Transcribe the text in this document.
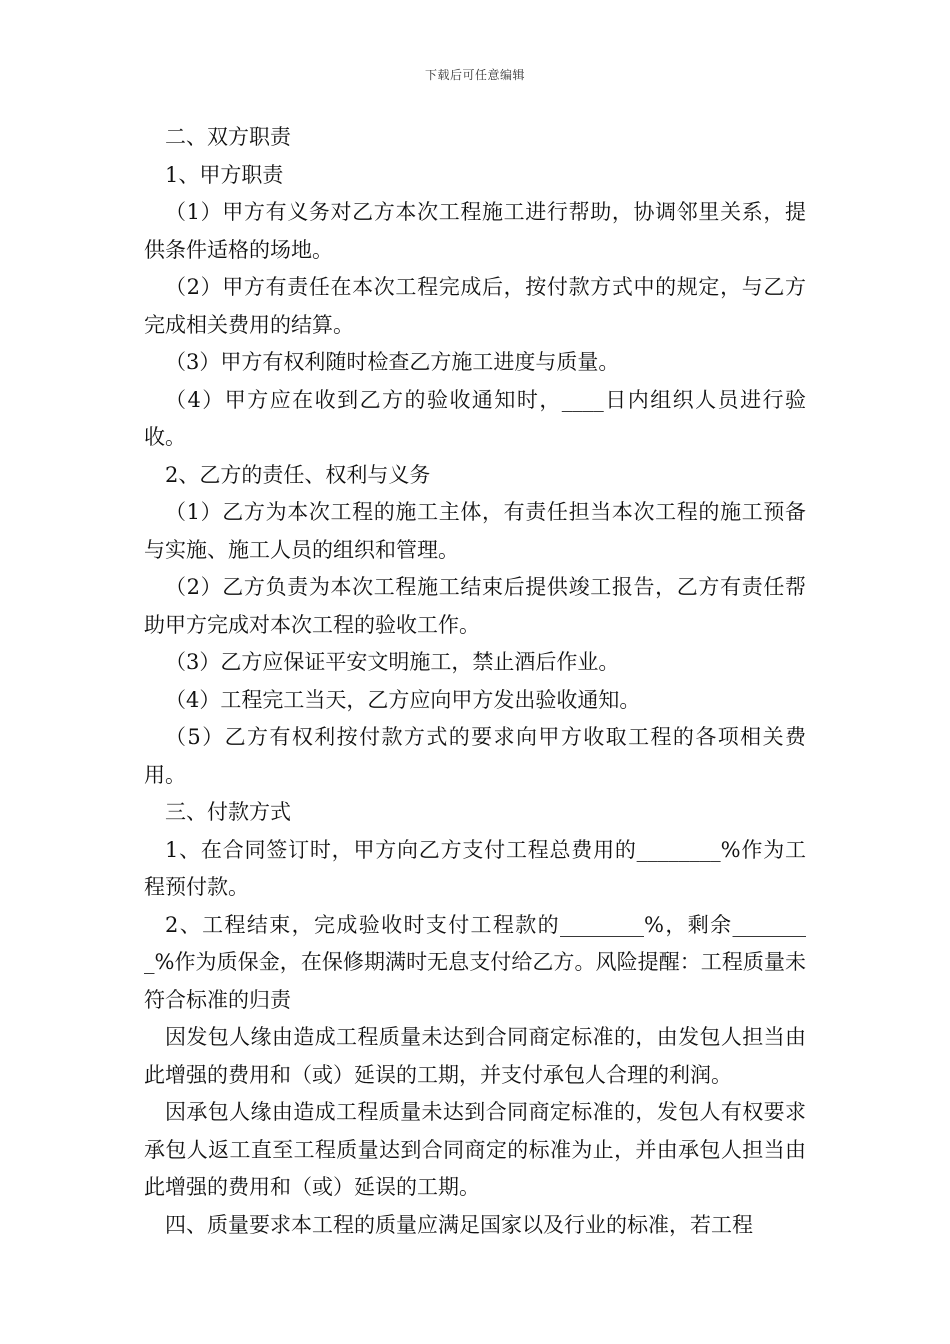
下载后可任意编辑

二、双方职责

1、甲方职责

（1）甲方有义务对乙方本次工程施工进行帮助，协调邻里关系，提供条件适格的场地。

（2）甲方有责任在本次工程完成后，按付款方式中的规定，与乙方完成相关费用的结算。

（3）甲方有权利随时检查乙方施工进度与质量。

（4）甲方应在收到乙方的验收通知时，____日内组织人员进行验收。

2、乙方的责任、权利与义务

（1）乙方为本次工程的施工主体，有责任担当本次工程的施工预备与实施、施工人员的组织和管理。

（2）乙方负责为本次工程施工结束后提供竣工报告，乙方有责任帮助甲方完成对本次工程的验收工作。

（3）乙方应保证平安文明施工，禁止酒后作业。

（4）工程完工当天，乙方应向甲方发出验收通知。

（5）乙方有权利按付款方式的要求向甲方收取工程的各项相关费用。

三、付款方式

1、在合同签订时，甲方向乙方支付工程总费用的________%作为工程预付款。

2、工程结束，完成验收时支付工程款的________%，剩余________%作为质保金，在保修期满时无息支付给乙方。风险提醒：工程质量未符合标准的归责

因发包人缘由造成工程质量未达到合同商定标准的，由发包人担当由此增强的费用和（或）延误的工期，并支付承包人合理的利润。

因承包人缘由造成工程质量未达到合同商定标准的，发包人有权要求承包人返工直至工程质量达到合同商定的标准为止，并由承包人担当由此增强的费用和（或）延误的工期。

四、质量要求本工程的质量应满足国家以及行业的标准，若工程
